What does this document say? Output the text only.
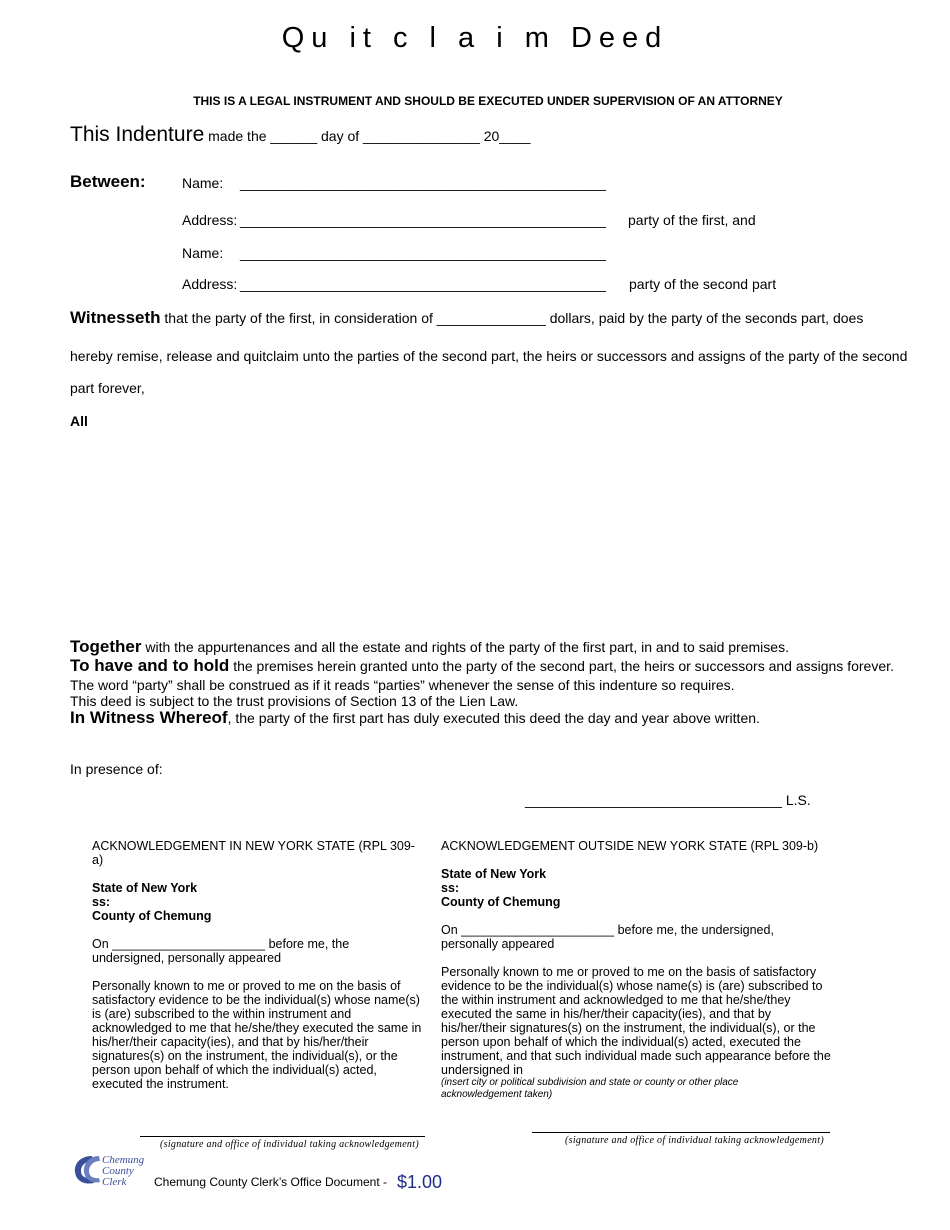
Qu it c l a i m Deed
THIS IS A LEGAL INSTRUMENT AND SHOULD BE EXECUTED UNDER SUPERVISION OF AN ATTORNEY
This Indenture made the ______ day of _______________ 20____
Between:	Name: _______________________________________________
Address: _______________________________________________ party of the first, and
Name: _______________________________________________
Address: _______________________________________________ party of the second part
Witnesseth that the party of the first, in consideration of ______________ dollars, paid by the party of the seconds part, does
hereby remise, release and quitclaim unto the parties of the second part, the heirs or successors and assigns of the party of the second
part forever,
All
Together with the appurtenances and all the estate and rights of the party of the first part, in and to said premises.
To have and to hold the premises herein granted unto the party of the second part, the heirs or successors and assigns forever.
The word “party” shall be construed as if it reads “parties” whenever the sense of this indenture so requires.
This deed is subject to the trust provisions of Section 13 of the Lien Law.
In Witness Whereof, the party of the first part has duly executed this deed the day and year above written.
In presence of:
_________________________________ L.S.

ACKNOWLEDGEMENT IN NEW YORK STATE (RPL 309-a)

State of New York

ss:

County of Chemung

On ______________________ before me, the undersigned, personally appeared

Personally known to me or proved to me on the basis of satisfactory evidence to be the individual(s) whose name(s) is (are) subscribed to the within instrument and acknowledged to me that he/she/they executed the same in his/her/their capacity(ies), and that by his/her/their signatures(s) on the instrument, the individual(s), or the person upon behalf of which the individual(s) acted, executed the instrument.

(signature and office of individual taking acknowledgement)

ACKNOWLEDGEMENT OUTSIDE NEW YORK STATE (RPL 309-b)

State of New York

ss:

County of Chemung

On ______________________ before me, the undersigned, personally appeared

Personally known to me or proved to me on the basis of satisfactory evidence to be the individual(s) whose name(s) is (are) subscribed to the within instrument and acknowledged to me that he/she/they executed the same in his/her/their capacity(ies), and that by his/her/their signatures(s) on the instrument, the individual(s), or the person upon behalf of which the individual(s) acted, executed the instrument, and that such individual made such appearance before the undersigned in

(insert city or political subdivision and state or county or other place acknowledgement taken)

(signature and office of individual taking acknowledgement)
Chemung
County
Clerk Chemung County Clerk’s Office Document - $1.00
